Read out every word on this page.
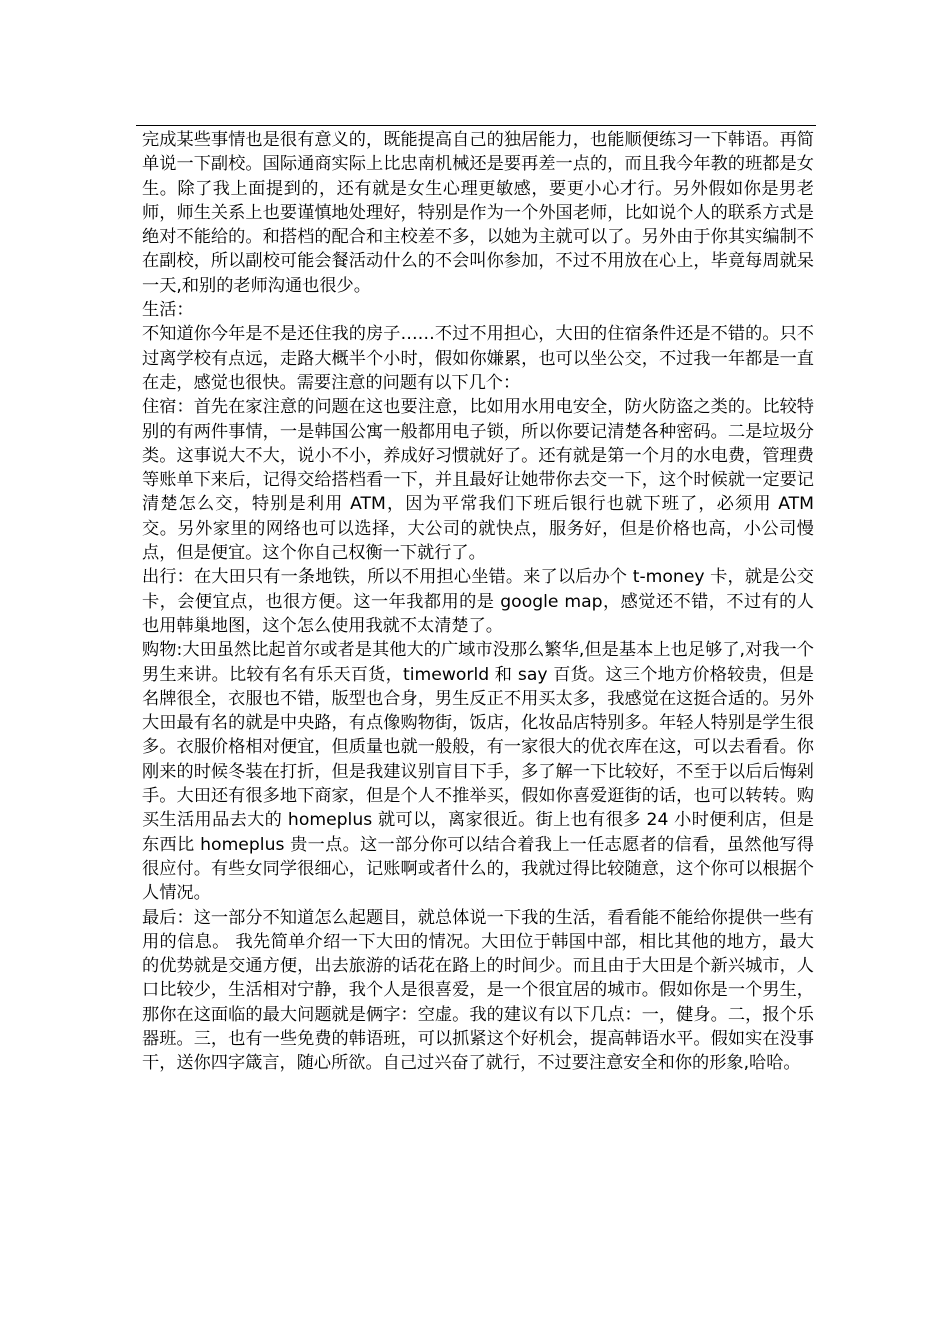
完成某些事情也是很有意义的，既能提高自己的独居能力，也能顺便练习一下韩语。再简单说一下副校。国际通商实际上比忠南机械还是要再差一点的，而且我今年教的班都是女生。除了我上面提到的，还有就是女生心理更敏感，要更小心才行。另外假如你是男老师，师生关系上也要谨慎地处理好，特别是作为一个外国老师，比如说个人的联系方式是绝对不能给的。和搭档的配合和主校差不多，以她为主就可以了。另外由于你其实编制不在副校，所以副校可能会餐活动什么的不会叫你参加，不过不用放在心上，毕竟每周就呆一天,和别的老师沟通也很少。

生活：

不知道你今年是不是还住我的房子……不过不用担心，大田的住宿条件还是不错的。只不过离学校有点远，走路大概半个小时，假如你嫌累，也可以坐公交，不过我一年都是一直在走，感觉也很快。需要注意的问题有以下几个：

住宿：首先在家注意的问题在这也要注意，比如用水用电安全，防火防盗之类的。比较特别的有两件事情，一是韩国公寓一般都用电子锁，所以你要记清楚各种密码。二是垃圾分类。这事说大不大，说小不小，养成好习惯就好了。还有就是第一个月的水电费，管理费等账单下来后，记得交给搭档看一下，并且最好让她带你去交一下，这个时候就一定要记清楚怎么交，特别是利用 ATM，因为平常我们下班后银行也就下班了，必须用 ATM 交。另外家里的网络也可以选择，大公司的就快点，服务好，但是价格也高，小公司慢点，但是便宜。这个你自己权衡一下就行了。

出行：在大田只有一条地铁，所以不用担心坐错。来了以后办个 t-money 卡，就是公交卡，会便宜点，也很方便。这一年我都用的是 google map，感觉还不错，不过有的人也用韩巢地图，这个怎么使用我就不太清楚了。

购物:大田虽然比起首尔或者是其他大的广域市没那么繁华,但是基本上也足够了,对我一个男生来讲。比较有名有乐天百货，timeworld 和 say 百货。这三个地方价格较贵，但是名牌很全，衣服也不错，版型也合身，男生反正不用买太多，我感觉在这挺合适的。另外大田最有名的就是中央路，有点像购物街，饭店，化妆品店特别多。年轻人特别是学生很多。衣服价格相对便宜，但质量也就一般般，有一家很大的优衣库在这，可以去看看。你刚来的时候冬装在打折，但是我建议别盲目下手，多了解一下比较好，不至于以后后悔剁手。大田还有很多地下商家，但是个人不推举买，假如你喜爱逛街的话，也可以转转。购买生活用品去大的 homeplus 就可以，离家很近。街上也有很多 24 小时便利店，但是东西比 homeplus 贵一点。这一部分你可以结合着我上一任志愿者的信看，虽然他写得很应付。有些女同学很细心，记账啊或者什么的，我就过得比较随意，这个你可以根据个人情况。

最后：这一部分不知道怎么起题目，就总体说一下我的生活，看看能不能给你提供一些有用的信息。 我先简单介绍一下大田的情况。大田位于韩国中部，相比其他的地方，最大的优势就是交通方便，出去旅游的话花在路上的时间少。而且由于大田是个新兴城市，人口比较少，生活相对宁静，我个人是很喜爱，是一个很宜居的城市。假如你是一个男生，那你在这面临的最大问题就是俩字：空虚。我的建议有以下几点：一，健身。二，报个乐器班。三，也有一些免费的韩语班，可以抓紧这个好机会，提高韩语水平。假如实在没事干，送你四字箴言，随心所欲。自己过兴奋了就行，不过要注意安全和你的形象,哈哈。
